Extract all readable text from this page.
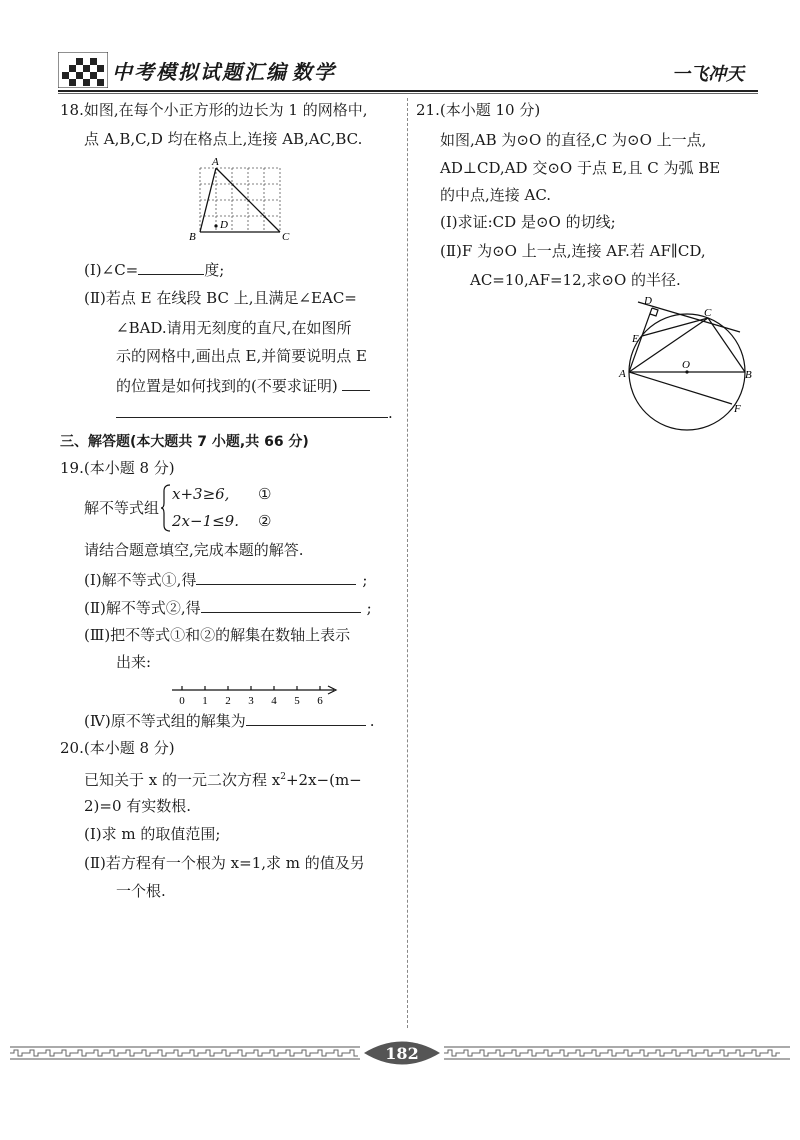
中考模拟试题汇编 数学	一飞冲天
18.如图,在每个小正方形的边长为 1 的网格中,
点 A,B,C,D 均在格点上,连接 AB,AC,BC.
A
B	C
D
(Ⅰ)∠C=	度;
(Ⅱ)若点 E 在线段 BC 上,且满足∠EAC=
∠BAD.请用无刻度的直尺,在如图所
示的网格中,画出点 E,并简要说明点 E
的位置是如何找到的(不要求证明)
.
三、解答题(本大题共 7 小题,共 66 分)
19.(本小题 8 分)
解不等式组
x+3≥6, ①
2x−1≤9. ②
请结合题意填空,完成本题的解答.
(Ⅰ)解不等式①,得	;
(Ⅱ)解不等式②,得	;
(Ⅲ)把不等式①和②的解集在数轴上表示
出来:
0 1 2 3 4 5 6
(Ⅳ)原不等式组的解集为	.
20.(本小题 8 分)
已知关于 x 的一元二次方程 $x^2+2x-(m-$
2)=0 有实数根.
(Ⅰ)求 m 的取值范围;
(Ⅱ)若方程有一个根为 x=1,求 m 的值及另
一个根.
21.(本小题 10 分)
如图,AB 为⊙O 的直径,C 为⊙O 上一点,
AD⊥CD,AD 交⊙O 于点 E,且 C 为弧 BE
的中点,连接 AC.
(Ⅰ)求证:CD 是⊙O 的切线;
(Ⅱ)F 为⊙O 上一点,连接 AF.若 AF∥CD,
AC=10,AF=12,求⊙O 的半径.
D
C
E
O
A	B
F
182
